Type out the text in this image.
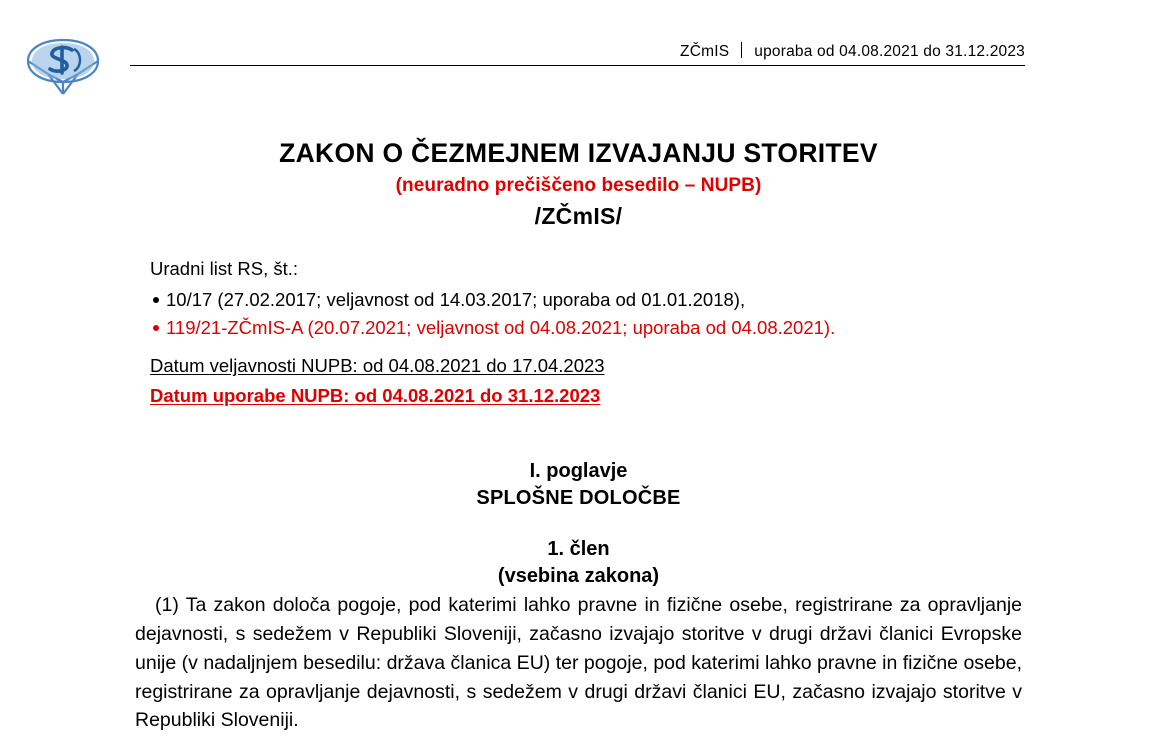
ZČmIS uporaba od 04.08.2021 do 31.12.2023
ZAKON O ČEZMEJNEM IZVAJANJU STORITEV
(neuradno prečiščeno besedilo – NUPB)
/ZČmIS/
Uradni list RS, št.:
10/17 (27.02.2017; veljavnost od 14.03.2017; uporaba od 01.01.2018),
119/21-ZČmIS-A (20.07.2021; veljavnost od 04.08.2021; uporaba od 04.08.2021).
Datum veljavnosti NUPB: od 04.08.2021 do 17.04.2023
Datum uporabe NUPB: od 04.08.2021 do 31.12.2023
I. poglavje
SPLOŠNE DOLOČBE
1. člen
(vsebina zakona)

(1) Ta zakon določa pogoje, pod katerimi lahko pravne in fizične osebe, registrirane za opravljanje dejavnosti, s sedežem v Republiki Sloveniji, začasno izvajajo storitve v drugi državi članici Evropske unije (v nadaljnjem besedilu: država članica EU) ter pogoje, pod katerimi lahko pravne in fizične osebe, registrirane za opravljanje dejavnosti, s sedežem v drugi državi članici EU, začasno izvajajo storitve v Republiki Sloveniji.
